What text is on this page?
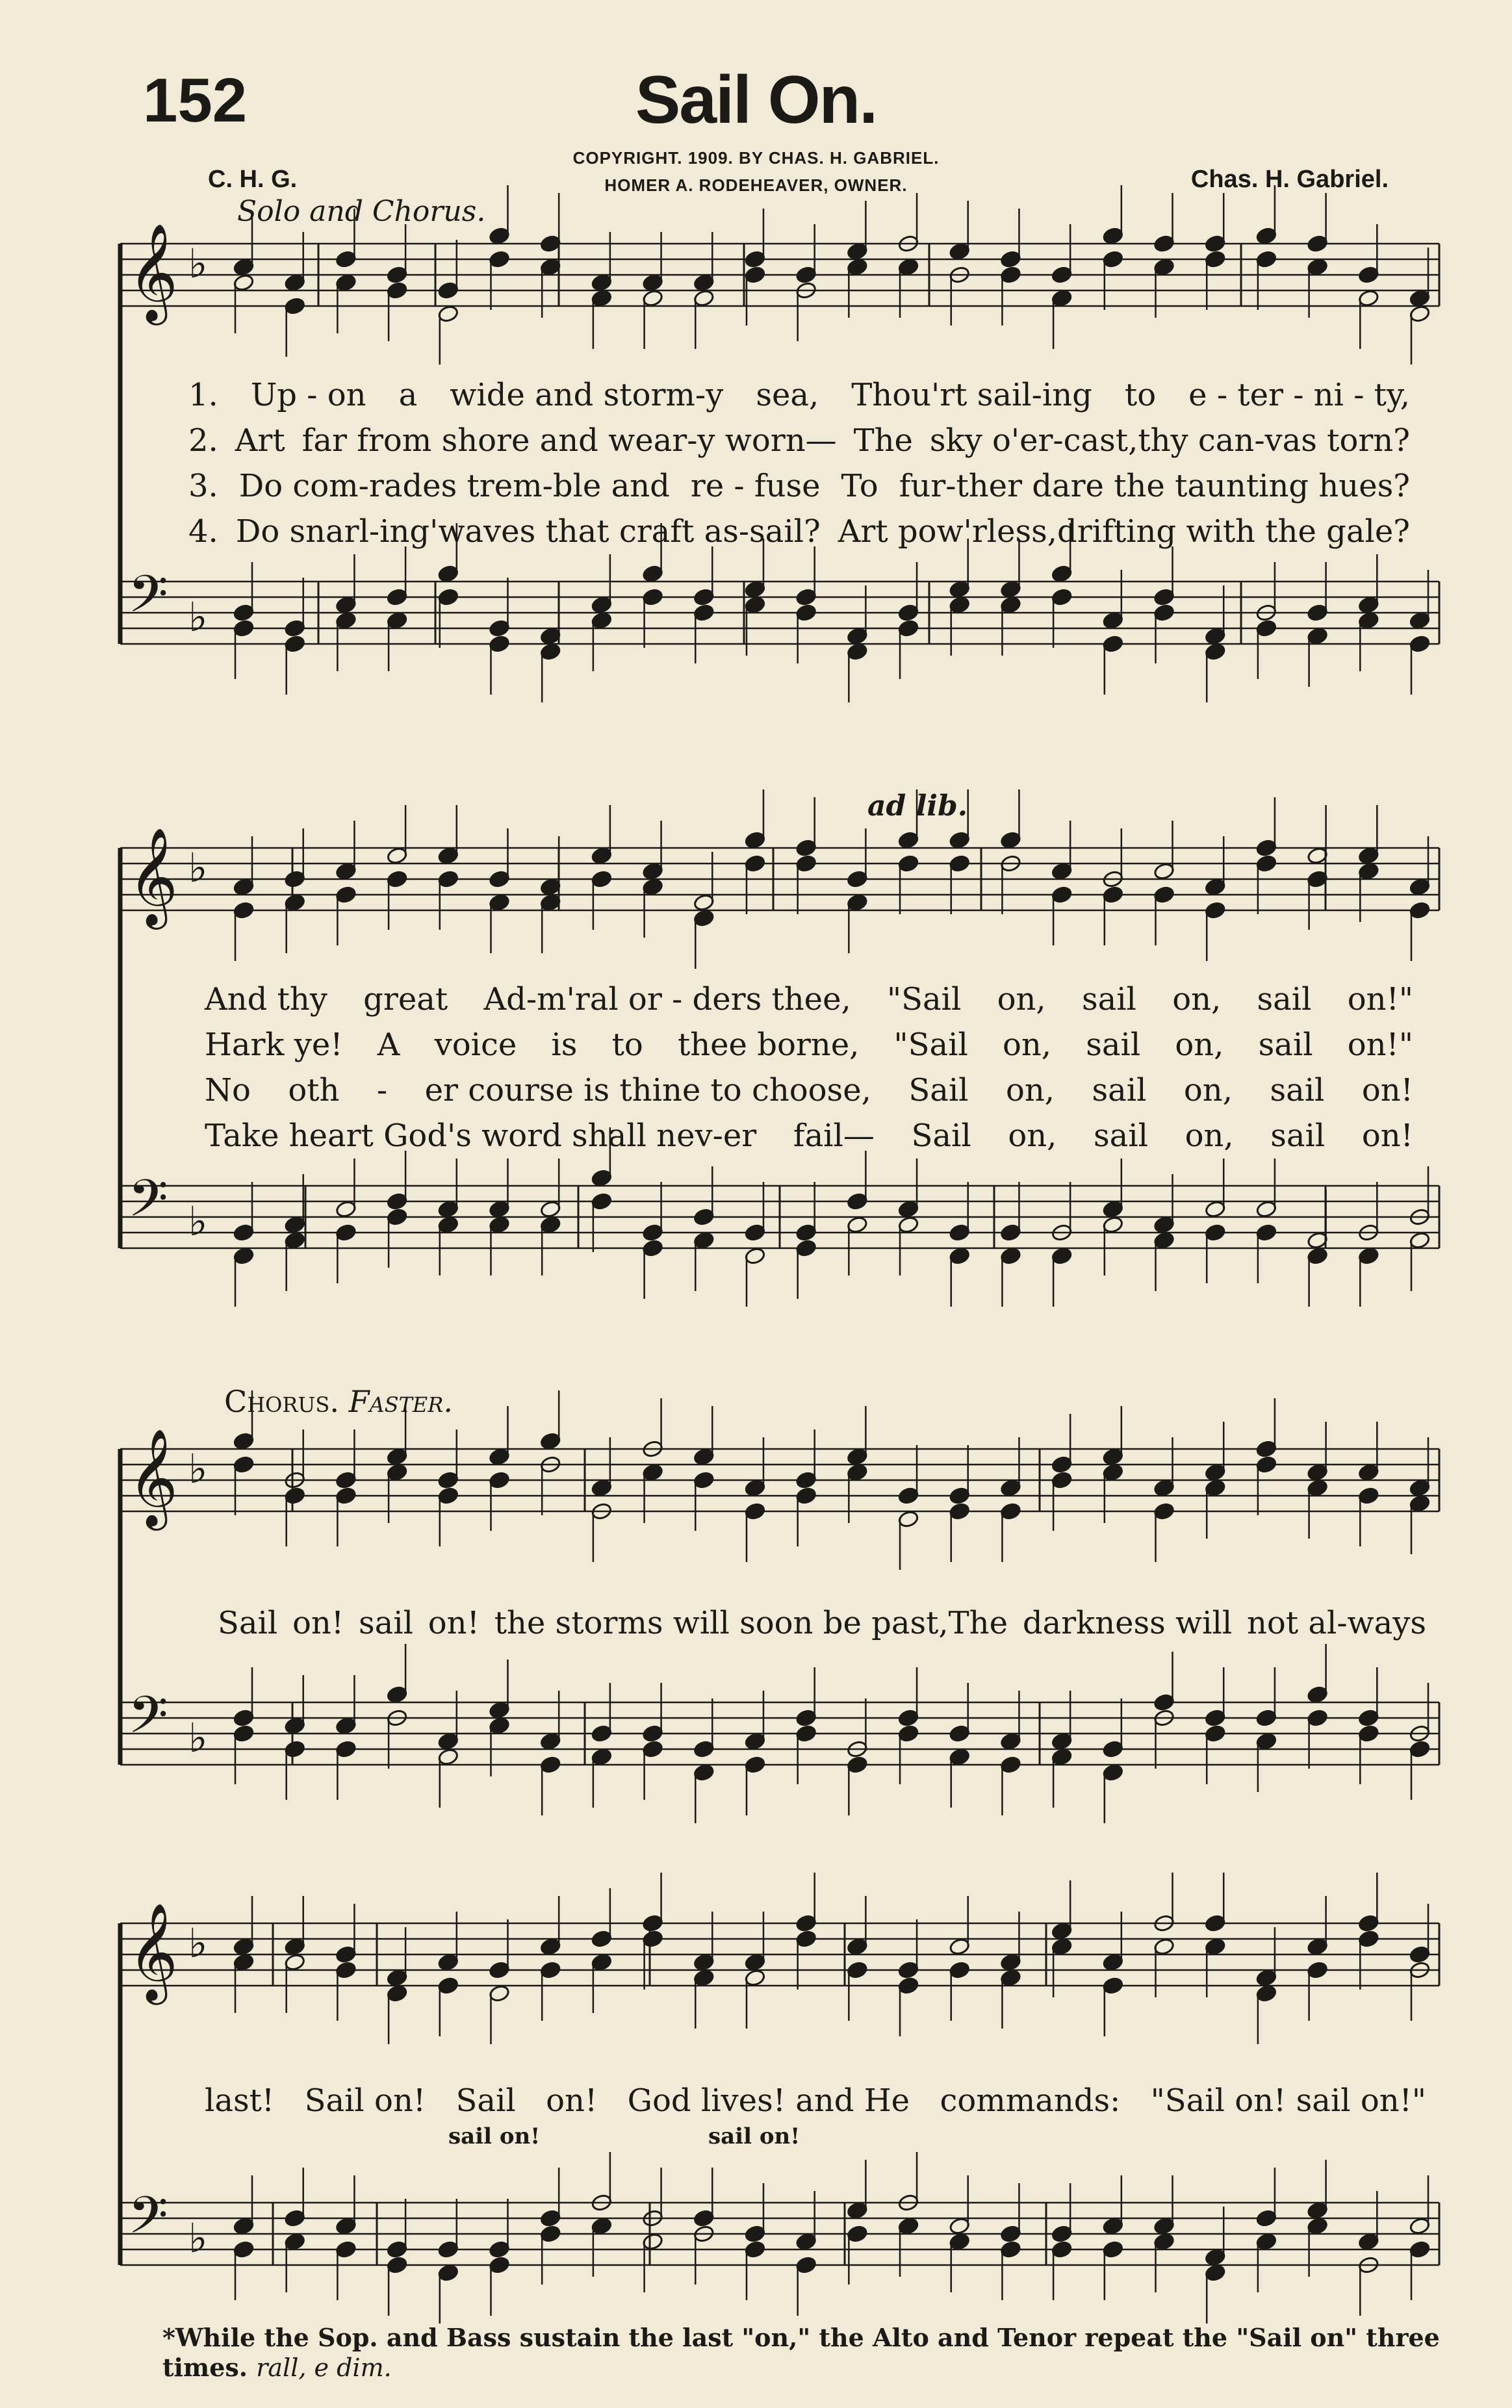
152	Sail On.
COPYRIGHT. 1909. BY CHAS. H. GABRIEL.
HOMER A. RODEHEAVER, OWNER.
C. H. G.	Chas. H. Gabriel.
Solo and Chorus.
ad lib.
Chorus. Faster.
𝄞 ♭
𝄢 ♭
𝄞 ♭
𝄢 ♭
𝄞 ♭
𝄢 ♭
𝄞 ♭
𝄢 ♭
1. Up - on a wide and storm-y sea, Thou'rt sail-ing to e - ter - ni - ty,
2. Art far from shore and wear-y worn— The sky o'er-cast,thy can-vas torn?
3. Do com-rades trem-ble and re - fuse To fur-ther dare the taunting hues?
4. Do snarl-ing'waves that craft as-sail? Art pow'rless,drifting with the gale?
And thy great Ad-m'ral or - ders thee, "Sail on, sail on, sail on!"
Hark ye! A voice is to thee borne, "Sail on, sail on, sail on!"
No oth - er course is thine to choose, Sail on, sail on, sail on!
Take heart God's word shall nev-er fail— Sail on, sail on, sail on!
Sail on! sail on! the storms will soon be past,The darkness will not al-ways
last! Sail on! Sail on! God lives! and He commands: "Sail on! sail on!"
sail on!	sail on!
*While the Sop. and Bass sustain the last "on," the Alto and Tenor repeat the "Sail on" three times. rall, e dim.
